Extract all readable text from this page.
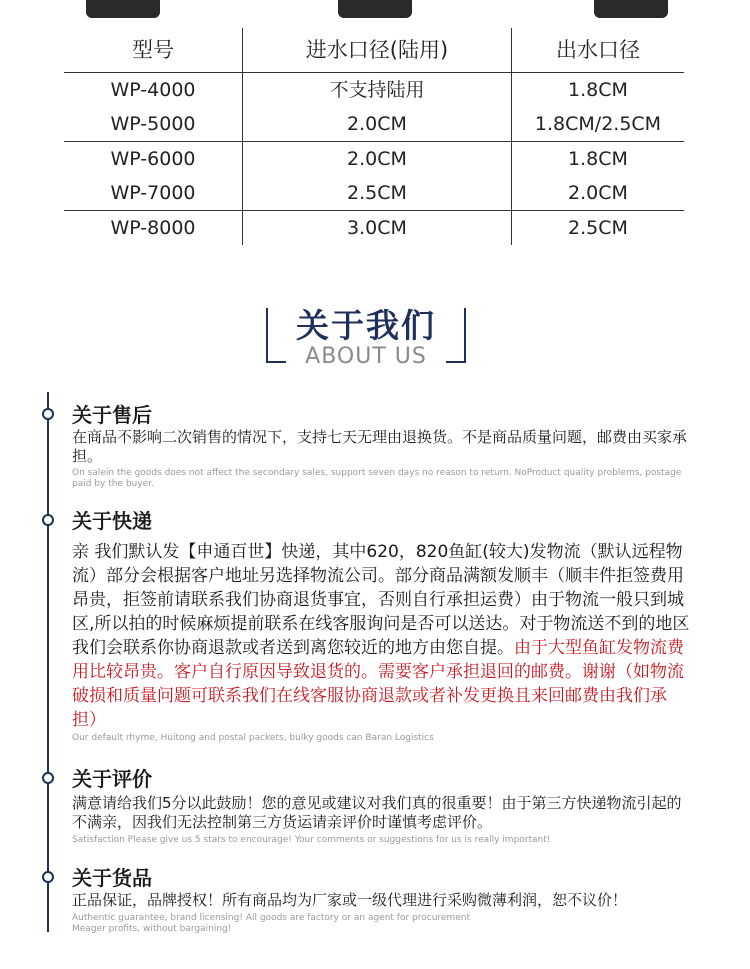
型号	进水口径(陆用)	出水口径
WP-4000	不支持陆用	1.8CM
WP-5000	2.0CM	1.8CM/2.5CM
WP-6000	2.0CM	1.8CM
WP-7000	2.5CM	2.0CM
WP-8000	3.0CM	2.5CM
关于我们
ABOUT US
关于售后
在商品不影响二次销售的情况下，支持七天无理由退换货。不是商品质量问题，邮费由买家承担。
On salein the goods does not affect the secondary sales, support seven days no reason to return. NoProduct quality problems, postage paid by the buyer.
关于快递
亲 我们默认发【申通百世】快递，其中620，820鱼缸(较大)发物流（默认远程物流）部分会根据客户地址另选择物流公司。部分商品满额发顺丰（顺丰件拒签费用昂贵，拒签前请联系我们协商退货事宜，否则自行承担运费）由于物流一般只到城区,所以拍的时候麻烦提前联系在线客服询问是否可以送达。对于物流送不到的地区我们会联系你协商退款或者送到离您较近的地方由您自提。由于大型鱼缸发物流费用比较昂贵。客户自行原因导致退货的。需要客户承担退回的邮费。谢谢（如物流破损和质量问题可联系我们在线客服协商退款或者补发更换且来回邮费由我们承担）
Our default rhyme, Huitong and postal packets, bulky goods can Baran Logistics
关于评价
满意请给我们5分以此鼓励！您的意见或建议对我们真的很重要！由于第三方快递物流引起的不满亲，因我们无法控制第三方货运请亲评价时谨慎考虑评价。
Satisfaction Please give us 5 stars to encourage! Your comments or suggestions for us is really important!
关于货品
正品保证，品牌授权！所有商品均为厂家或一级代理进行采购微薄利润，恕不议价！
Authentic guarantee, brand licensing! All goods are factory or an agent for procurement Meager profits, without bargaining!
